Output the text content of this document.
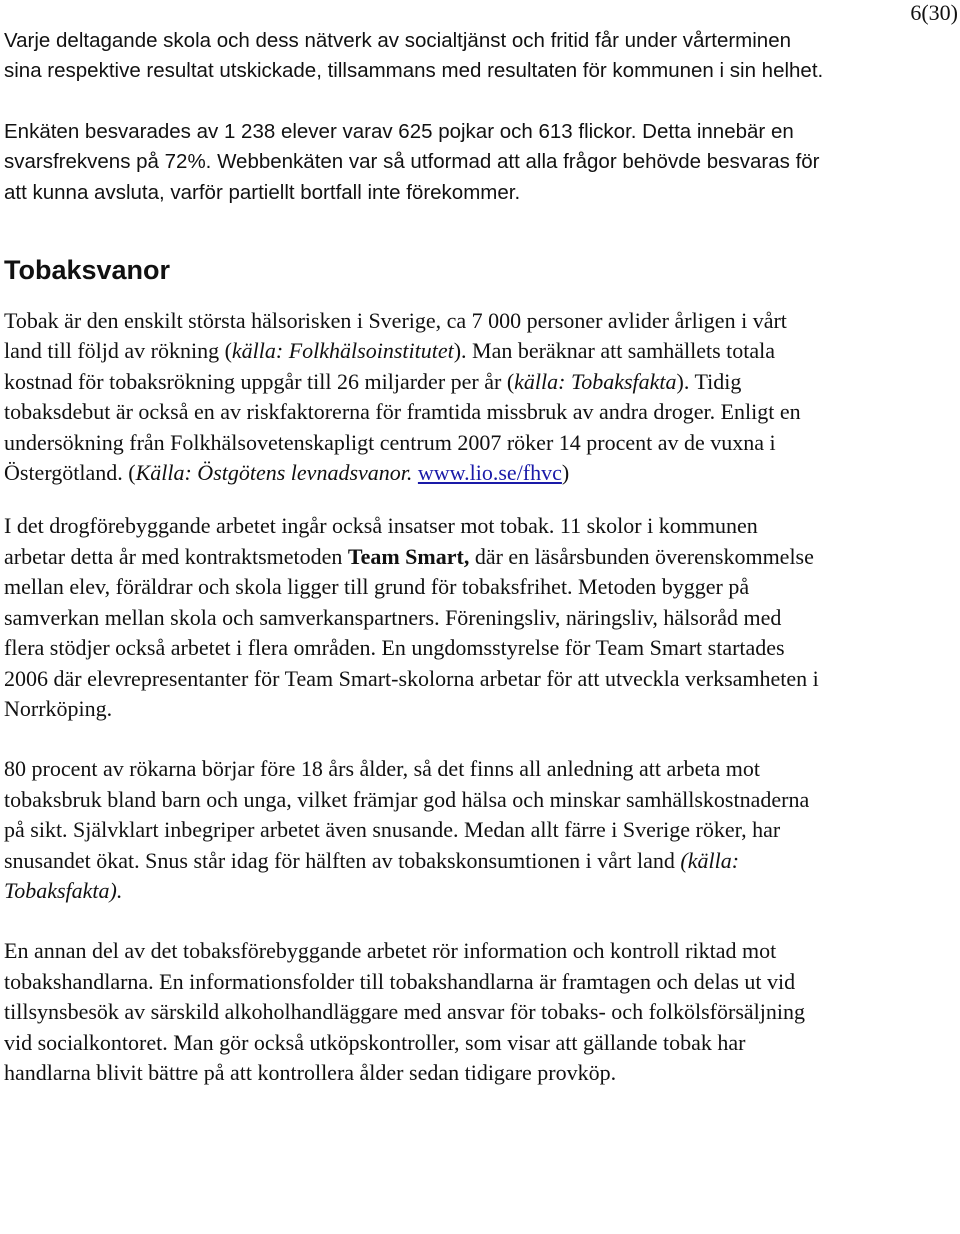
6(30)

Varje deltagande skola och dess nätverk av socialtjänst och fritid får under vårterminen sina respektive resultat utskickade, tillsammans med resultaten för kommunen i sin helhet.

Enkäten besvarades av 1 238 elever varav 625 pojkar och 613 flickor. Detta innebär en svarsfrekvens på 72%. Webbenkäten var så utformad att alla frågor behövde besvaras för att kunna avsluta, varför partiellt bortfall inte förekommer.

Tobaksvanor

Tobak är den enskilt största hälsorisken i Sverige, ca 7 000 personer avlider årligen i vårt land till följd av rökning (källa: Folkhälsoinstitutet). Man beräknar att samhällets totala kostnad för tobaksrökning uppgår till 26 miljarder per år (källa: Tobaksfakta). Tidig tobaksdebut är också en av riskfaktorerna för framtida missbruk av andra droger. Enligt en undersökning från Folkhälsovetenskapligt centrum 2007 röker 14 procent av de vuxna i Östergötland. (Källa: Östgötens levnadsvanor. www.lio.se/fhvc)

I det drogförebyggande arbetet ingår också insatser mot tobak. 11 skolor i kommunen arbetar detta år med kontraktsmetoden Team Smart, där en läsårsbunden överenskommelse mellan elev, föräldrar och skola ligger till grund för tobaksfrihet. Metoden bygger på samverkan mellan skola och samverkanspartners. Föreningsliv, näringsliv, hälsoråd med flera stödjer också arbetet i flera områden. En ungdomsstyrelse för Team Smart startades 2006 där elevrepresentanter för Team Smart-skolorna arbetar för att utveckla verksamheten i Norrköping.

80 procent av rökarna börjar före 18 års ålder, så det finns all anledning att arbeta mot tobaksbruk bland barn och unga, vilket främjar god hälsa och minskar samhällskostnaderna på sikt. Självklart inbegriper arbetet även snusande. Medan allt färre i Sverige röker, har snusandet ökat. Snus står idag för hälften av tobakskonsumtionen i vårt land (källa: Tobaksfakta).

En annan del av det tobaksförebyggande arbetet rör information och kontroll riktad mot tobakshandlarna. En informationsfolder till tobakshandlarna är framtagen och delas ut vid tillsynsbesök av särskild alkoholhandläggare med ansvar för tobaks- och folkölsförsäljning vid socialkontoret. Man gör också utköpskontroller, som visar att gällande tobak har handlarna blivit bättre på att kontrollera ålder sedan tidigare provköp.
